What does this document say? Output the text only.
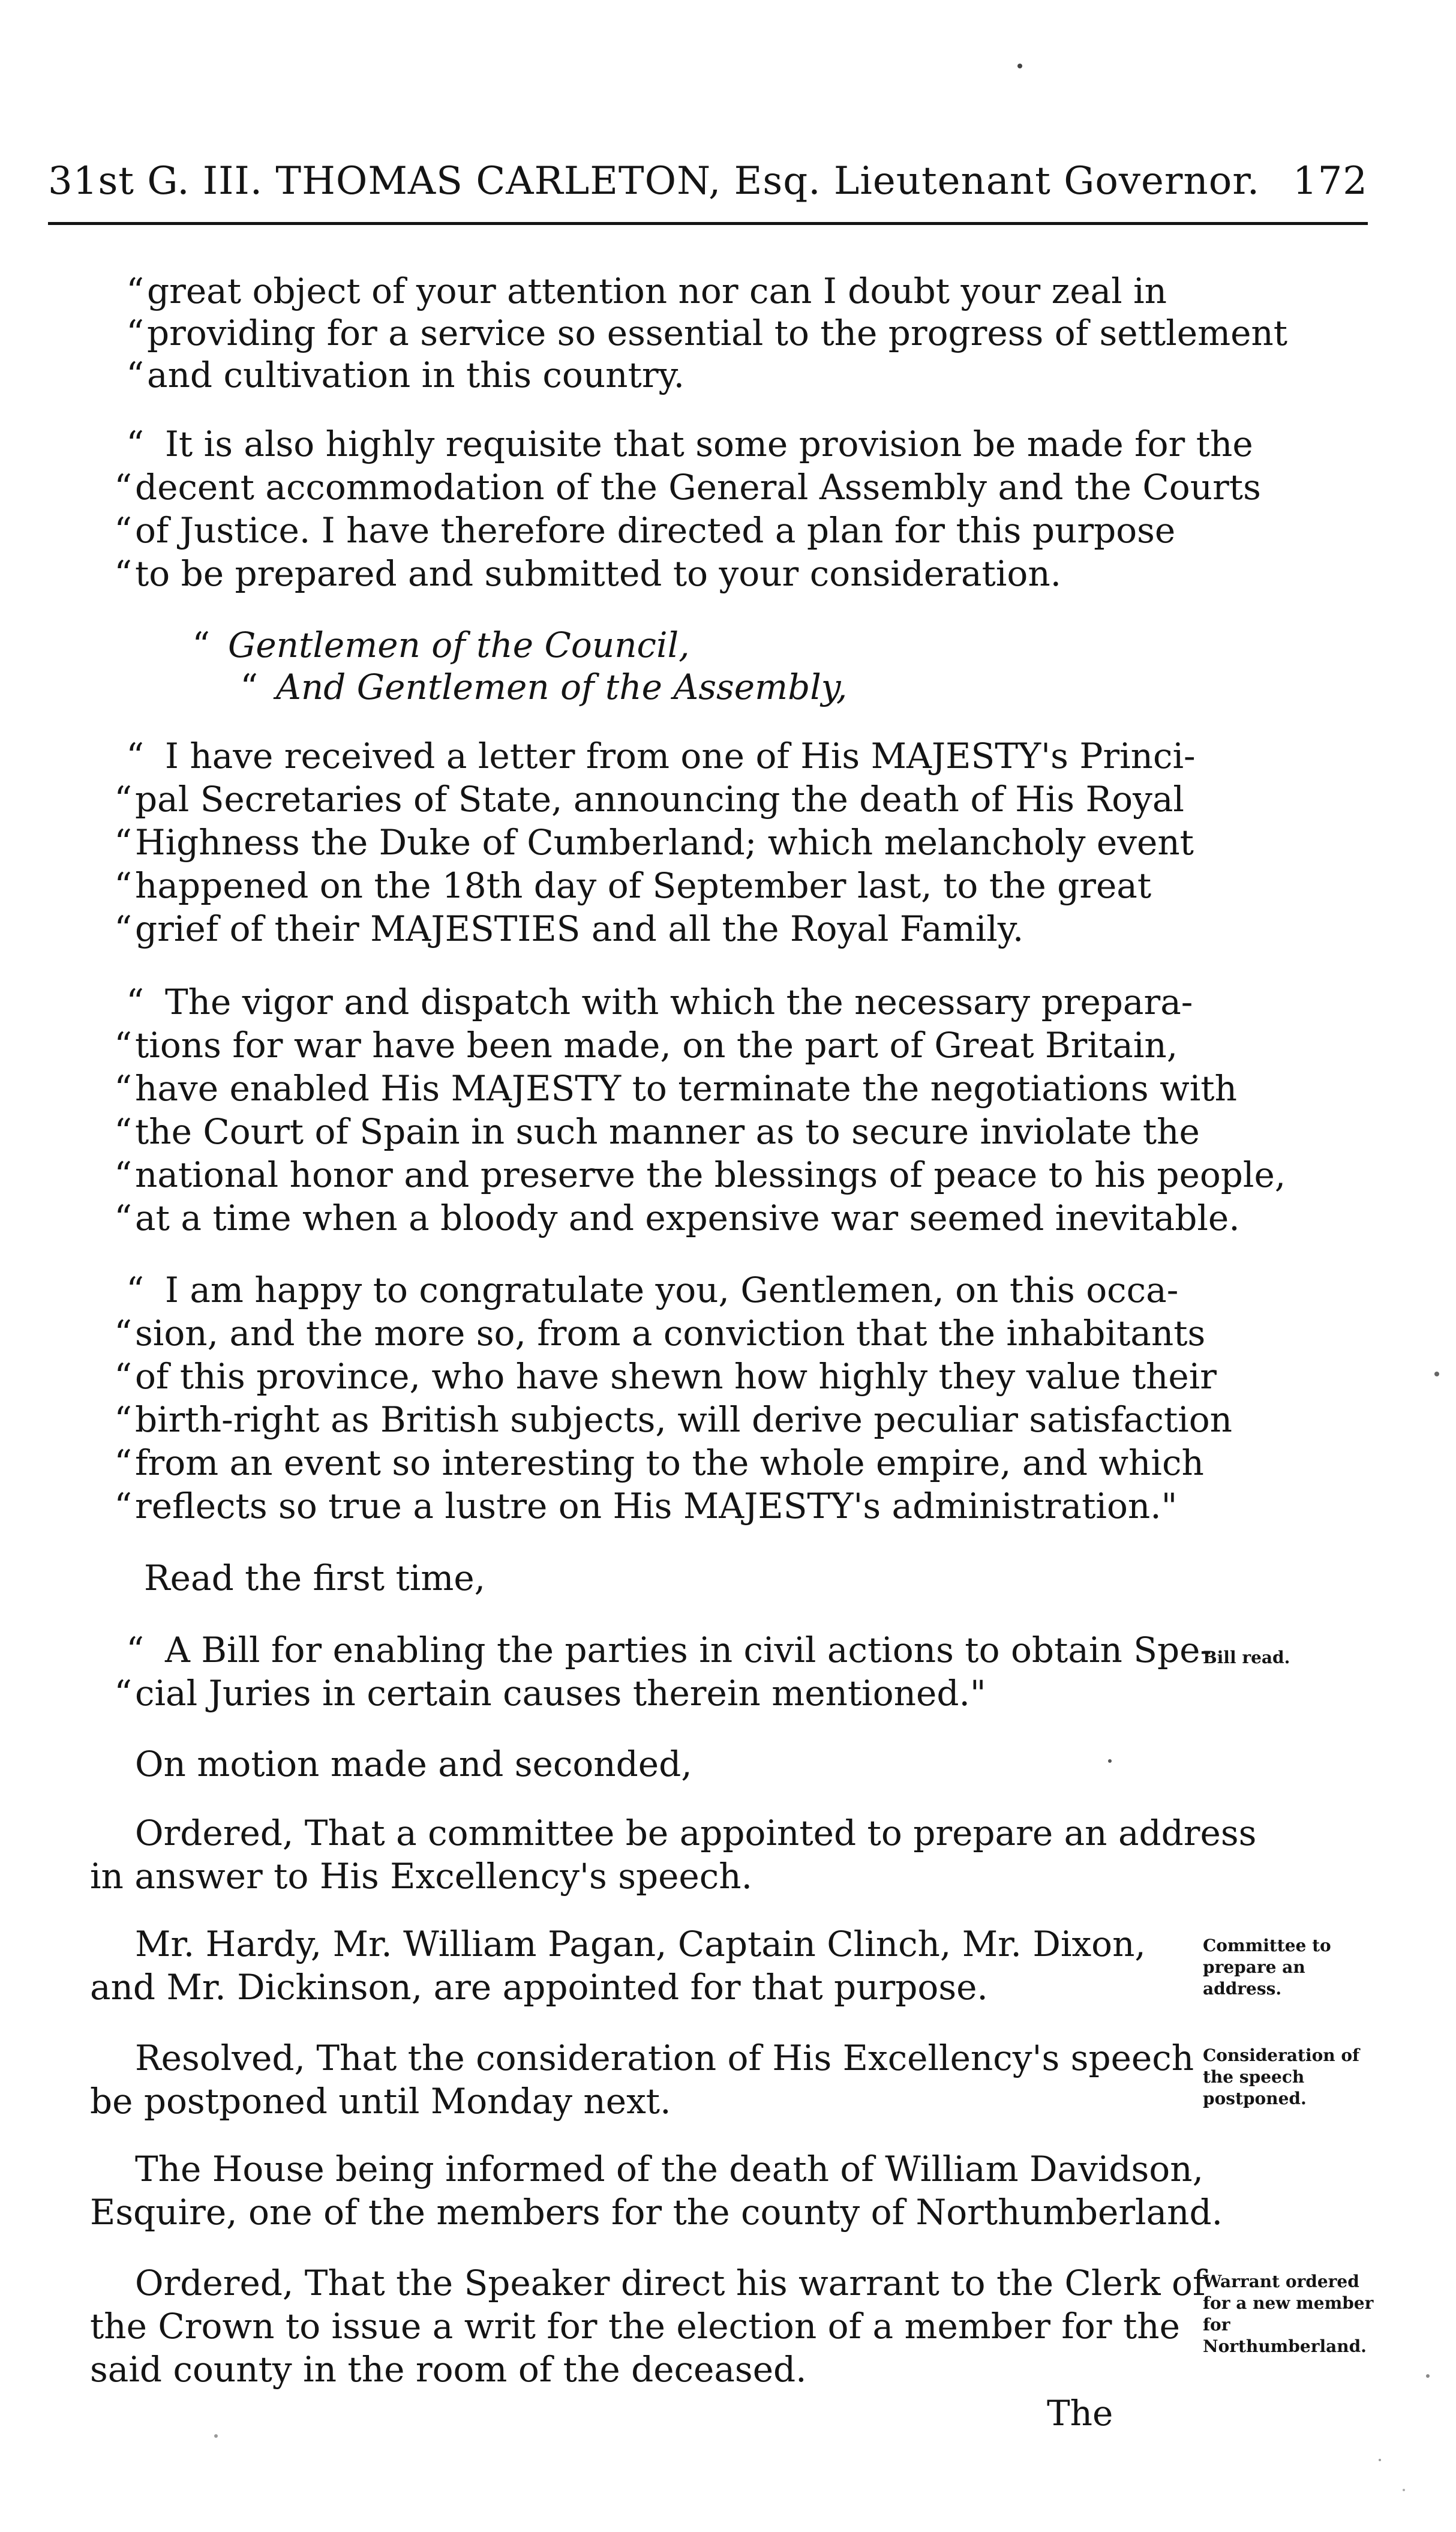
31st G. III. THOMAS CARLETON, Esq. Lieutenant Governor. 172
“ great object of your attention nor can I doubt your zeal in
“ providing for a service so essential to the progress of settlement
“ and cultivation in this country.
“ It is also highly requisite that some provision be made for the
“ decent accommodation of the General Assembly and the Courts
“ of Justice. I have therefore directed a plan for this purpose
“ to be prepared and submitted to your consideration.
“ Gentlemen of the Council,
“ And Gentlemen of the Assembly,
“ I have received a letter from one of His MAJESTY's Princi-
“ pal Secretaries of State, announcing the death of His Royal
“ Highness the Duke of Cumberland; which melancholy event
“ happened on the 18th day of September last, to the great
“ grief of their MAJESTIES and all the Royal Family.
“ The vigor and dispatch with which the necessary prepara-
“ tions for war have been made, on the part of Great Britain,
“ have enabled His MAJESTY to terminate the negotiations with
“ the Court of Spain in such manner as to secure inviolate the
“ national honor and preserve the blessings of peace to his people,
“ at a time when a bloody and expensive war seemed inevitable.
“ I am happy to congratulate you, Gentlemen, on this occa-
“ sion, and the more so, from a conviction that the inhabitants
“ of this province, who have shewn how highly they value their
“ birth-right as British subjects, will derive peculiar satisfaction
“ from an event so interesting to the whole empire, and which
“ reflects so true a lustre on His MAJESTY's administration."
Read the first time,
“ A Bill for enabling the parties in civil actions to obtain Spe-
“ cial Juries in certain causes therein mentioned."
On motion made and seconded,
Ordered, That a committee be appointed to prepare an address
in answer to His Excellency's speech.
Mr. Hardy, Mr. William Pagan, Captain Clinch, Mr. Dixon,
and Mr. Dickinson, are appointed for that purpose.
Resolved, That the consideration of His Excellency's speech
be postponed until Monday next.
The House being informed of the death of William Davidson,
Esquire, one of the members for the county of Northumberland.
Ordered, That the Speaker direct his warrant to the Clerk of
the Crown to issue a writ for the election of a member for the
said county in the room of the deceased.
The
Bill read.
Committee to prepare an address.
Consideration of the speech postponed.
Warrant ordered for a new member for Northumberland.
